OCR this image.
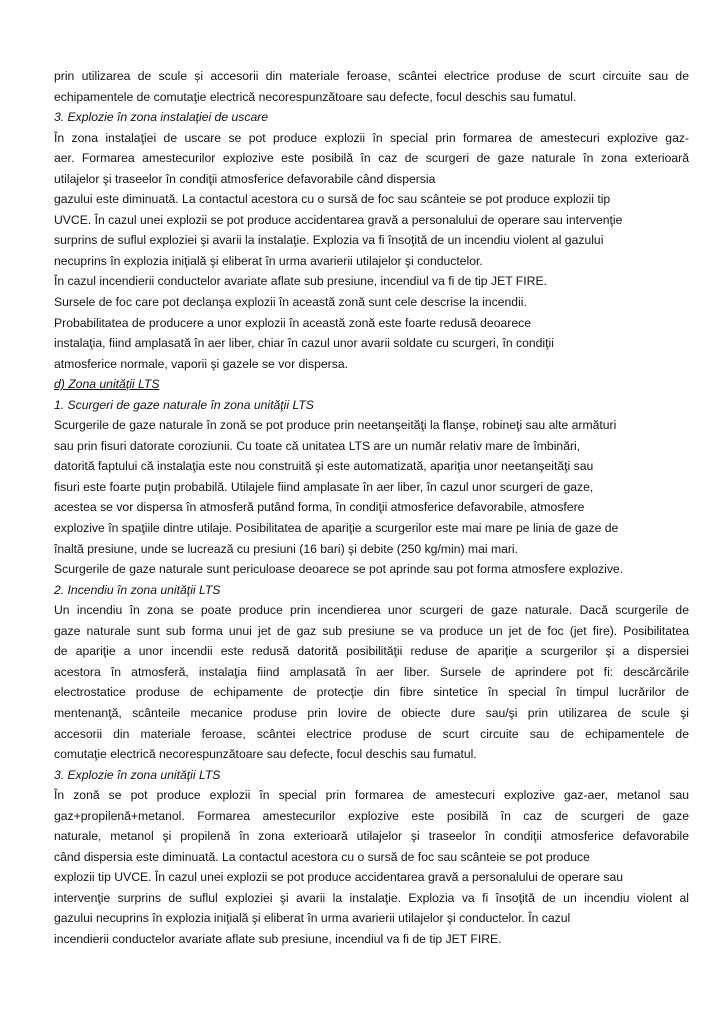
prin utilizarea de scule și accesorii din materiale feroase, scântei electrice produse de scurt circuite sau de
echipamentele de comutaţie electrică necorespunzătoare sau defecte, focul deschis sau fumatul.
3. Explozie în zona instalaţiei de uscare
În zona instalaţiei de uscare se pot produce explozii în special prin formarea de amestecuri explozive gaz-
aer. Formarea amestecurilor explozive este posibilă în caz de scurgeri de gaze naturale în zona exterioară
utilajelor şi traseelor în condiţii atmosferice defavorabile când dispersia
gazului este diminuată. La contactul acestora cu o sursă de foc sau scânteie se pot produce explozii tip
UVCE. În cazul unei explozii se pot produce accidentarea gravă a personalului de operare sau intervenţie
surprins de suflul exploziei şi avarii la instalaţie. Explozia va fi însoţită de un incendiu violent al gazului
necuprins în explozia iniţială şi eliberat în urma avarierii utilajelor şi conductelor.
În cazul incendierii conductelor avariate aflate sub presiune, incendiul va fi de tip JET FIRE.
Sursele de foc care pot declanşa explozii în această zonă sunt cele descrise la incendii.
Probabilitatea de producere a unor explozii în această zonă este foarte redusă deoarece
instalaţia, fiind amplasată în aer liber, chiar în cazul unor avarii soldate cu scurgeri, în condiţii
atmosferice normale, vaporii şi gazele se vor dispersa.
d) Zona unităţii LTS
1. Scurgeri de gaze naturale în zona unităţii LTS
Scurgerile de gaze naturale în zonă se pot produce prin neetanşeităţi la flanşe, robineţi sau alte armături
sau prin fisuri datorate coroziunii. Cu toate că unitatea LTS are un număr relativ mare de îmbinări,
datorită faptului că instalaţia este nou construită şi este automatizată, apariţia unor neetanşeităţi sau
fisuri este foarte puţin probabilă. Utilajele fiind amplasate în aer liber, în cazul unor scurgeri de gaze,
acestea se vor dispersa în atmosferă putând forma, în condiţii atmosferice defavorabile, atmosfere
explozive în spaţiile dintre utilaje. Posibilitatea de apariţie a scurgerilor este mai mare pe linia de gaze de
înaltă presiune, unde se lucrează cu presiuni (16 bari) şi debite (250 kg/min) mai mari.
Scurgerile de gaze naturale sunt periculoase deoarece se pot aprinde sau pot forma atmosfere explozive.
2. Incendiu în zona unităţii LTS
Un incendiu în zona se poate produce prin incendierea unor scurgeri de gaze naturale. Dacă scurgerile de
gaze naturale sunt sub forma unui jet de gaz sub presiune se va produce un jet de foc (jet fire). Posibilitatea
de apariţie a unor incendii este redusă datorită posibilităţii reduse de apariţie a scurgerilor şi a dispersiei
acestora în atmosferă, instalaţia fiind amplasată în aer liber. Sursele de aprindere pot fi: descărcările
electrostatice produse de echipamente de protecţie din fibre sintetice în special în timpul lucrărilor de
mentenanţă, scânteile mecanice produse prin lovire de obiecte dure sau/şi prin utilizarea de scule şi
accesorii din materiale feroase, scântei electrice produse de scurt circuite sau de echipamentele de
comutaţie electrică necorespunzătoare sau defecte, focul deschis sau fumatul.
3. Explozie în zona unităţii LTS
În zonă se pot produce explozii în special prin formarea de amestecuri explozive gaz-aer, metanol sau
gaz+propilenă+metanol. Formarea amestecurilor explozive este posibilă în caz de scurgeri de gaze
naturale, metanol şi propilenă în zona exterioară utilajelor şi traseelor în condiţii atmosferice defavorabile
când dispersia este diminuată. La contactul acestora cu o sursă de foc sau scânteie se pot produce
explozii tip UVCE. În cazul unei explozii se pot produce accidentarea gravă a personalului de operare sau
intervenţie surprins de suflul exploziei şi avarii la instalaţie. Explozia va fi însoţită de un incendiu violent al
gazului necuprins în explozia iniţială şi eliberat în urma avarierii utilajelor şi conductelor. În cazul
incendierii conductelor avariate aflate sub presiune, incendiul va fi de tip JET FIRE.
